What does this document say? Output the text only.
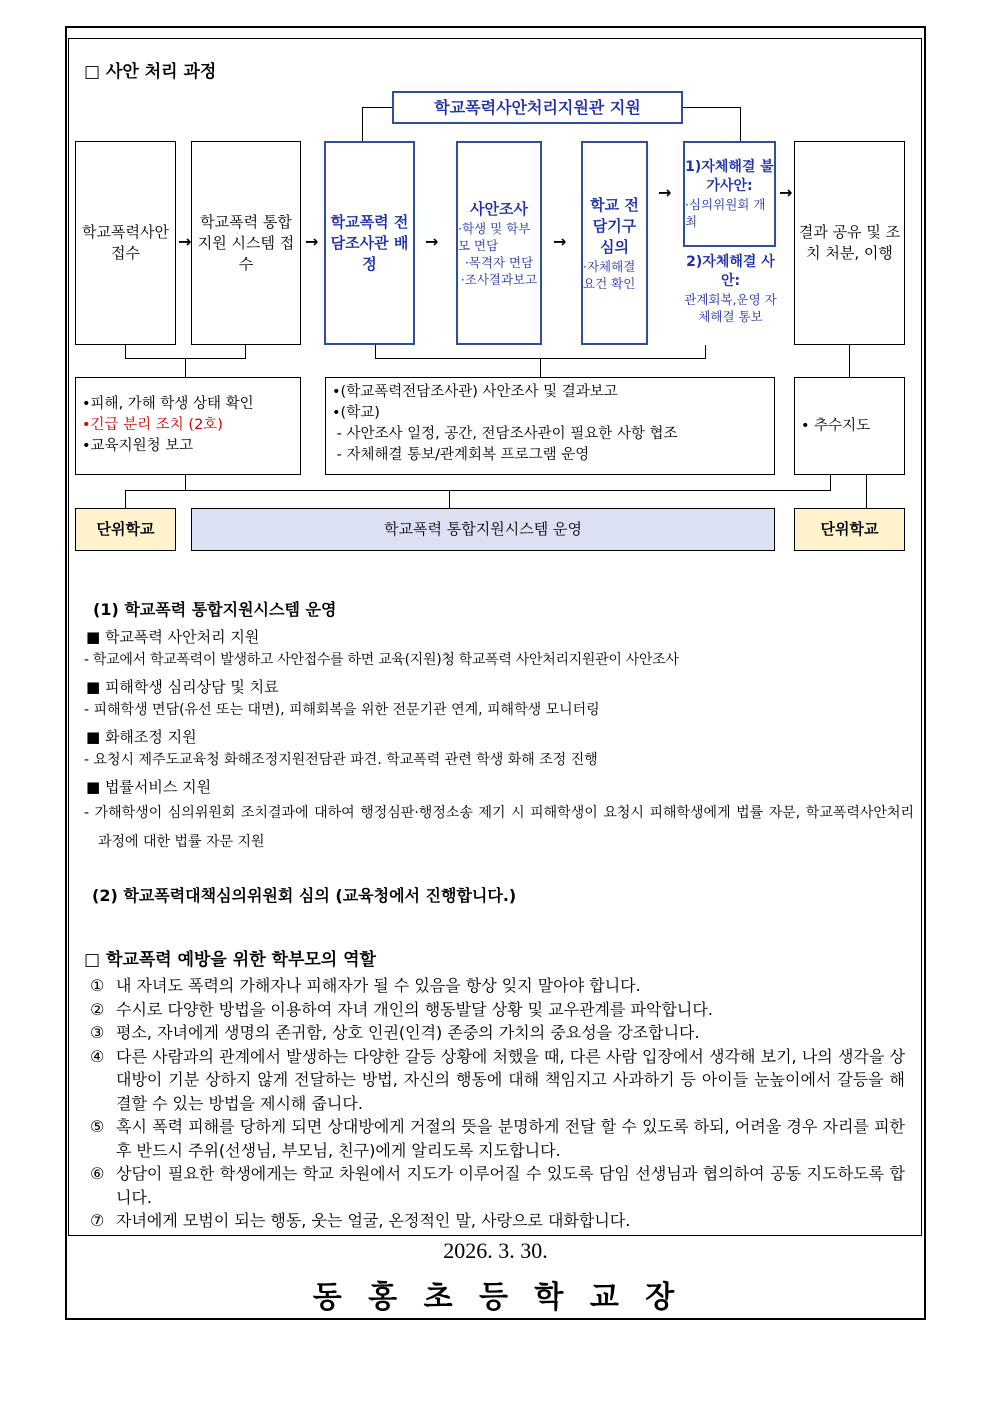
□ 사안 처리 과정
학교폭력사안처리지원관 지원
학교폭력사안 접수
→
학교폭력 통합 지원 시스템 접수
→
학교폭력 전담조사관 배정
→
사안조사
·학생 및 학부모 면담
·목격자 면담
·조사결과보고
→
학교 전담기구 심의
·자체해결 요건 확인
→
1)자체해결 불가사안:
·심의위원회 개최
2)자체해결 사안:
관계회복,운영 자체해결 통보
→
결과 공유 및 조치 처분, 이행
•피해, 가해 학생 상태 확인
•긴급 분리 조치 (2호)
•교육지원청 보고
•(학교폭력전담조사관) 사안조사 및 결과보고
•(학교)
- 사안조사 일정, 공간, 전담조사관이 필요한 사항 협조
- 자체해결 통보/관계회복 프로그램 운영
• 추수지도
단위학교	학교폭력 통합지원시스템 운영	단위학교
(1) 학교폭력 통합지원시스템 운영

■ 학교폭력 사안처리 지원

- 학교에서 학교폭력이 발생하고 사안접수를 하면 교육(지원)청 학교폭력 사안처리지원관이 사안조사

■ 피해학생 심리상담 및 치료

- 피해학생 면담(유선 또는 대면), 피해회복을 위한 전문기관 연계, 피해학생 모니터링

■ 화해조정 지원

- 요청시 제주도교육청 화해조정지원전담관 파견. 학교폭력 관련 학생 화해 조정 진행

■ 법률서비스 지원

- 가해학생이 심의위원회 조치결과에 대하여 행정심판·행정소송 제기 시 피해학생이 요청시 피해학생에게 법률 자문, 학교폭력사안처리 과정에 대한 법률 자문 지원

(2) 학교폭력대책심의위원회 심의 (교육청에서 진행합니다.)
□ 학교폭력 예방을 위한 학부모의 역할
① 내 자녀도 폭력의 가해자나 피해자가 될 수 있음을 항상 잊지 말아야 합니다.
② 수시로 다양한 방법을 이용하여 자녀 개인의 행동발달 상황 및 교우관계를 파악합니다.
③ 평소, 자녀에게 생명의 존귀함, 상호 인권(인격) 존중의 가치의 중요성을 강조합니다.
④ 다른 사람과의 관계에서 발생하는 다양한 갈등 상황에 처했을 때, 다른 사람 입장에서 생각해 보기, 나의 생각을 상대방이 기분 상하지 않게 전달하는 방법, 자신의 행동에 대해 책임지고 사과하기 등 아이들 눈높이에서 갈등을 해결할 수 있는 방법을 제시해 줍니다.
⑤ 혹시 폭력 피해를 당하게 되면 상대방에게 거절의 뜻을 분명하게 전달 할 수 있도록 하되, 어려울 경우 자리를 피한 후 반드시 주위(선생님, 부모님, 친구)에게 알리도록 지도합니다.
⑥ 상담이 필요한 학생에게는 학교 차원에서 지도가 이루어질 수 있도록 담임 선생님과 협의하여 공동 지도하도록 합니다.
⑦ 자녀에게 모범이 되는 행동, 웃는 얼굴, 온정적인 말, 사랑으로 대화합니다.
2026. 3. 30.
동 홍 초 등 학 교 장
